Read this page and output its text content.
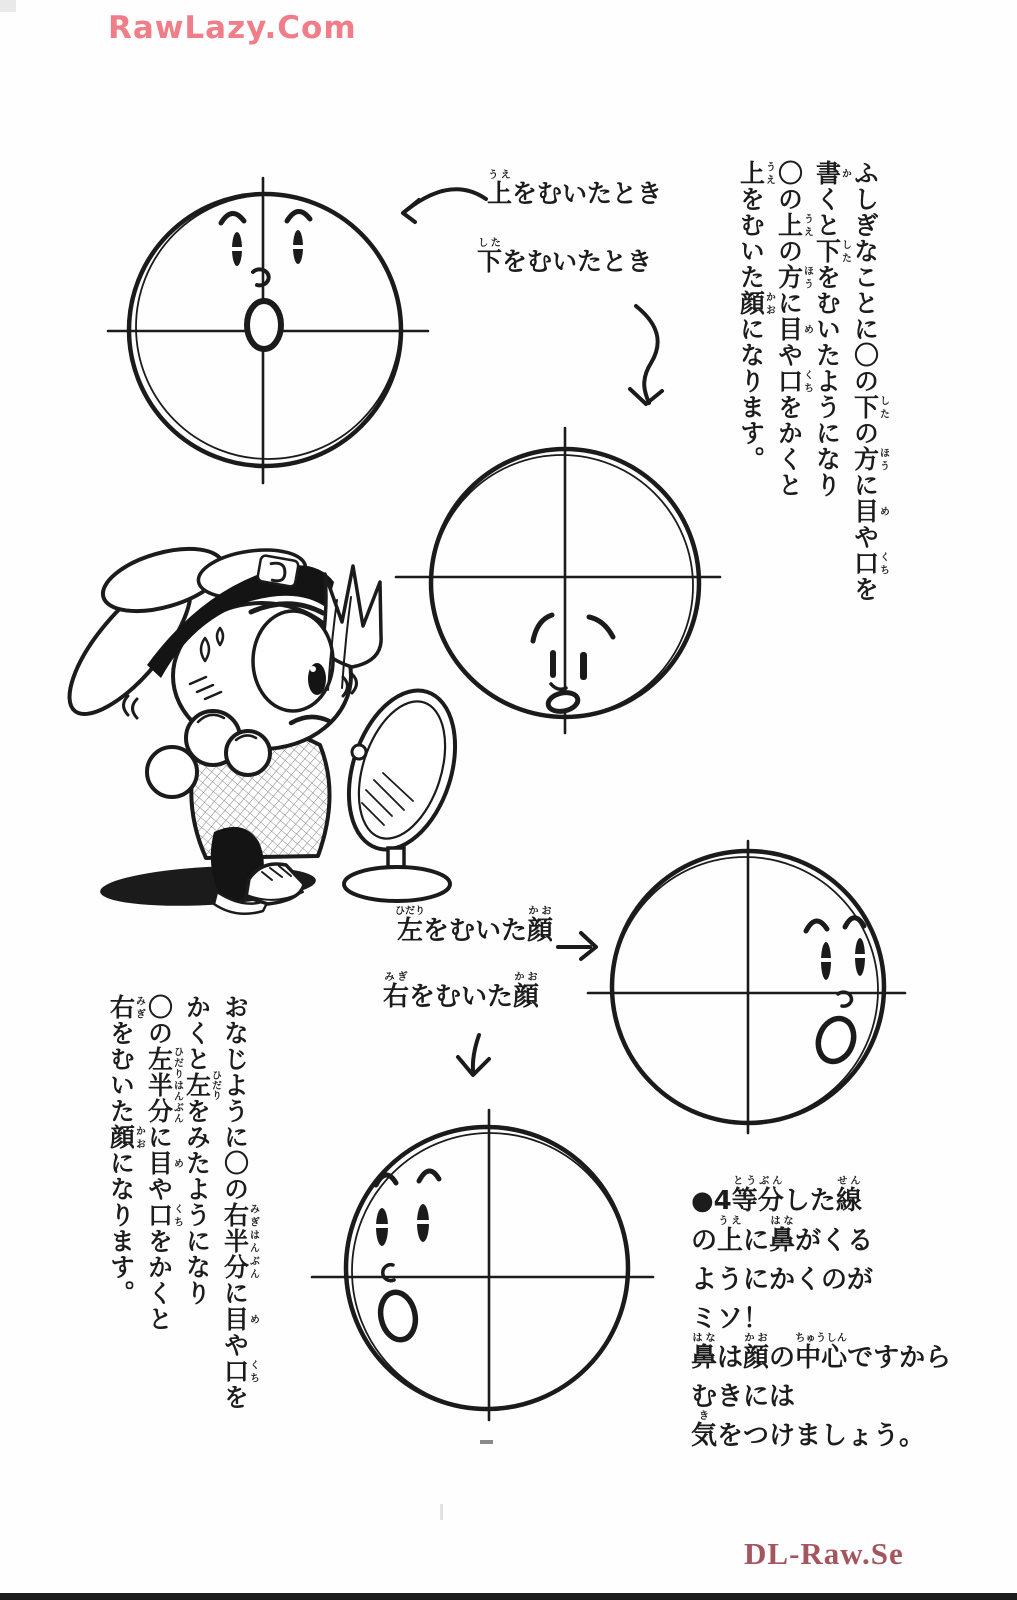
RawLazy.Com
DL-Raw.Se
上うえをむいたとき
下したをむいたとき
左ひだりをむいた顔かお
右みぎをむいた顔かお
ふしぎなことに〇の下したの方ほうに目めや口くちを
書かくと下したをむいたようになり
〇の上うえの方ほうに目めや口くちをかくと
上うえをむいた顔かおになります。
おなじように〇の右半分みぎはんぶんに目めや口くちを
かくと左ひだりをみたようになり
〇の左半分ひだりはんぶんに目めや口くちをかくと
右みぎをむいた顔かおになります。	●4等分とうぶんした線せん
の上うえに鼻はながくる
ようにかくのが
ミソ！
鼻はなは顔かおの中心ちゅうしんですから
むきには
気きをつけましょう。
